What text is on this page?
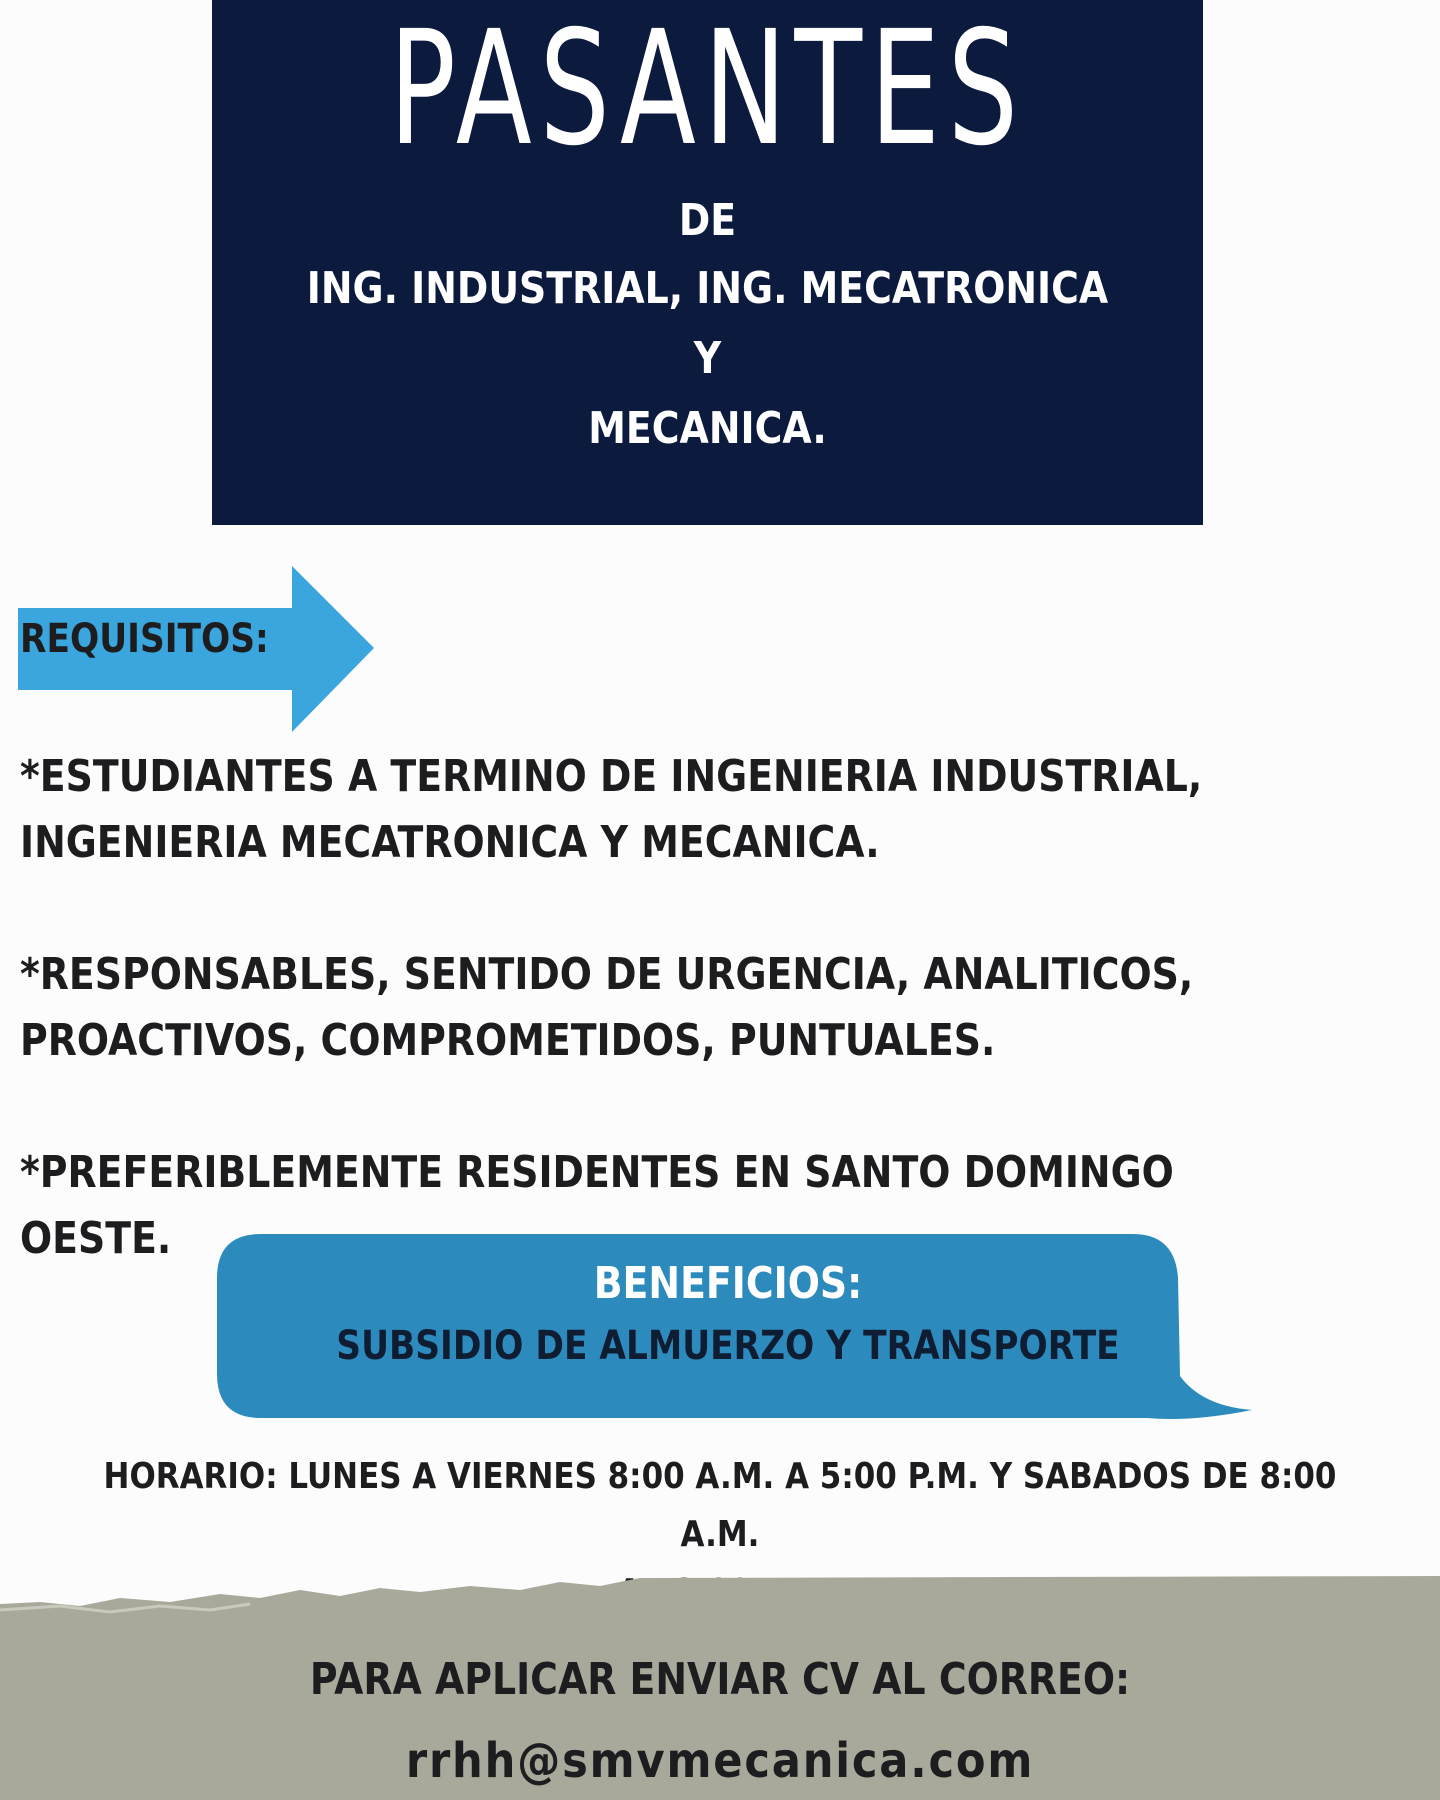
PASANTES
DE
ING. INDUSTRIAL, ING. MECATRONICA
Y
MECANICA.
REQUISITOS:
*ESTUDIANTES A TERMINO DE INGENIERIA INDUSTRIAL,
INGENIERIA MECATRONICA Y MECANICA.
*RESPONSABLES, SENTIDO DE URGENCIA, ANALITICOS,
PROACTIVOS, COMPROMETIDOS, PUNTUALES.
*PREFERIBLEMENTE RESIDENTES EN SANTO DOMINGO OESTE.
BENEFICIOS:
SUBSIDIO DE ALMUERZO Y TRANSPORTE
HORARIO: LUNES A VIERNES 8:00 A.M. A 5:00 P.M. Y SABADOS DE 8:00 A.M.
PARA APLICAR ENVIAR CV AL CORREO:
rrhh@smvmecanica.com
